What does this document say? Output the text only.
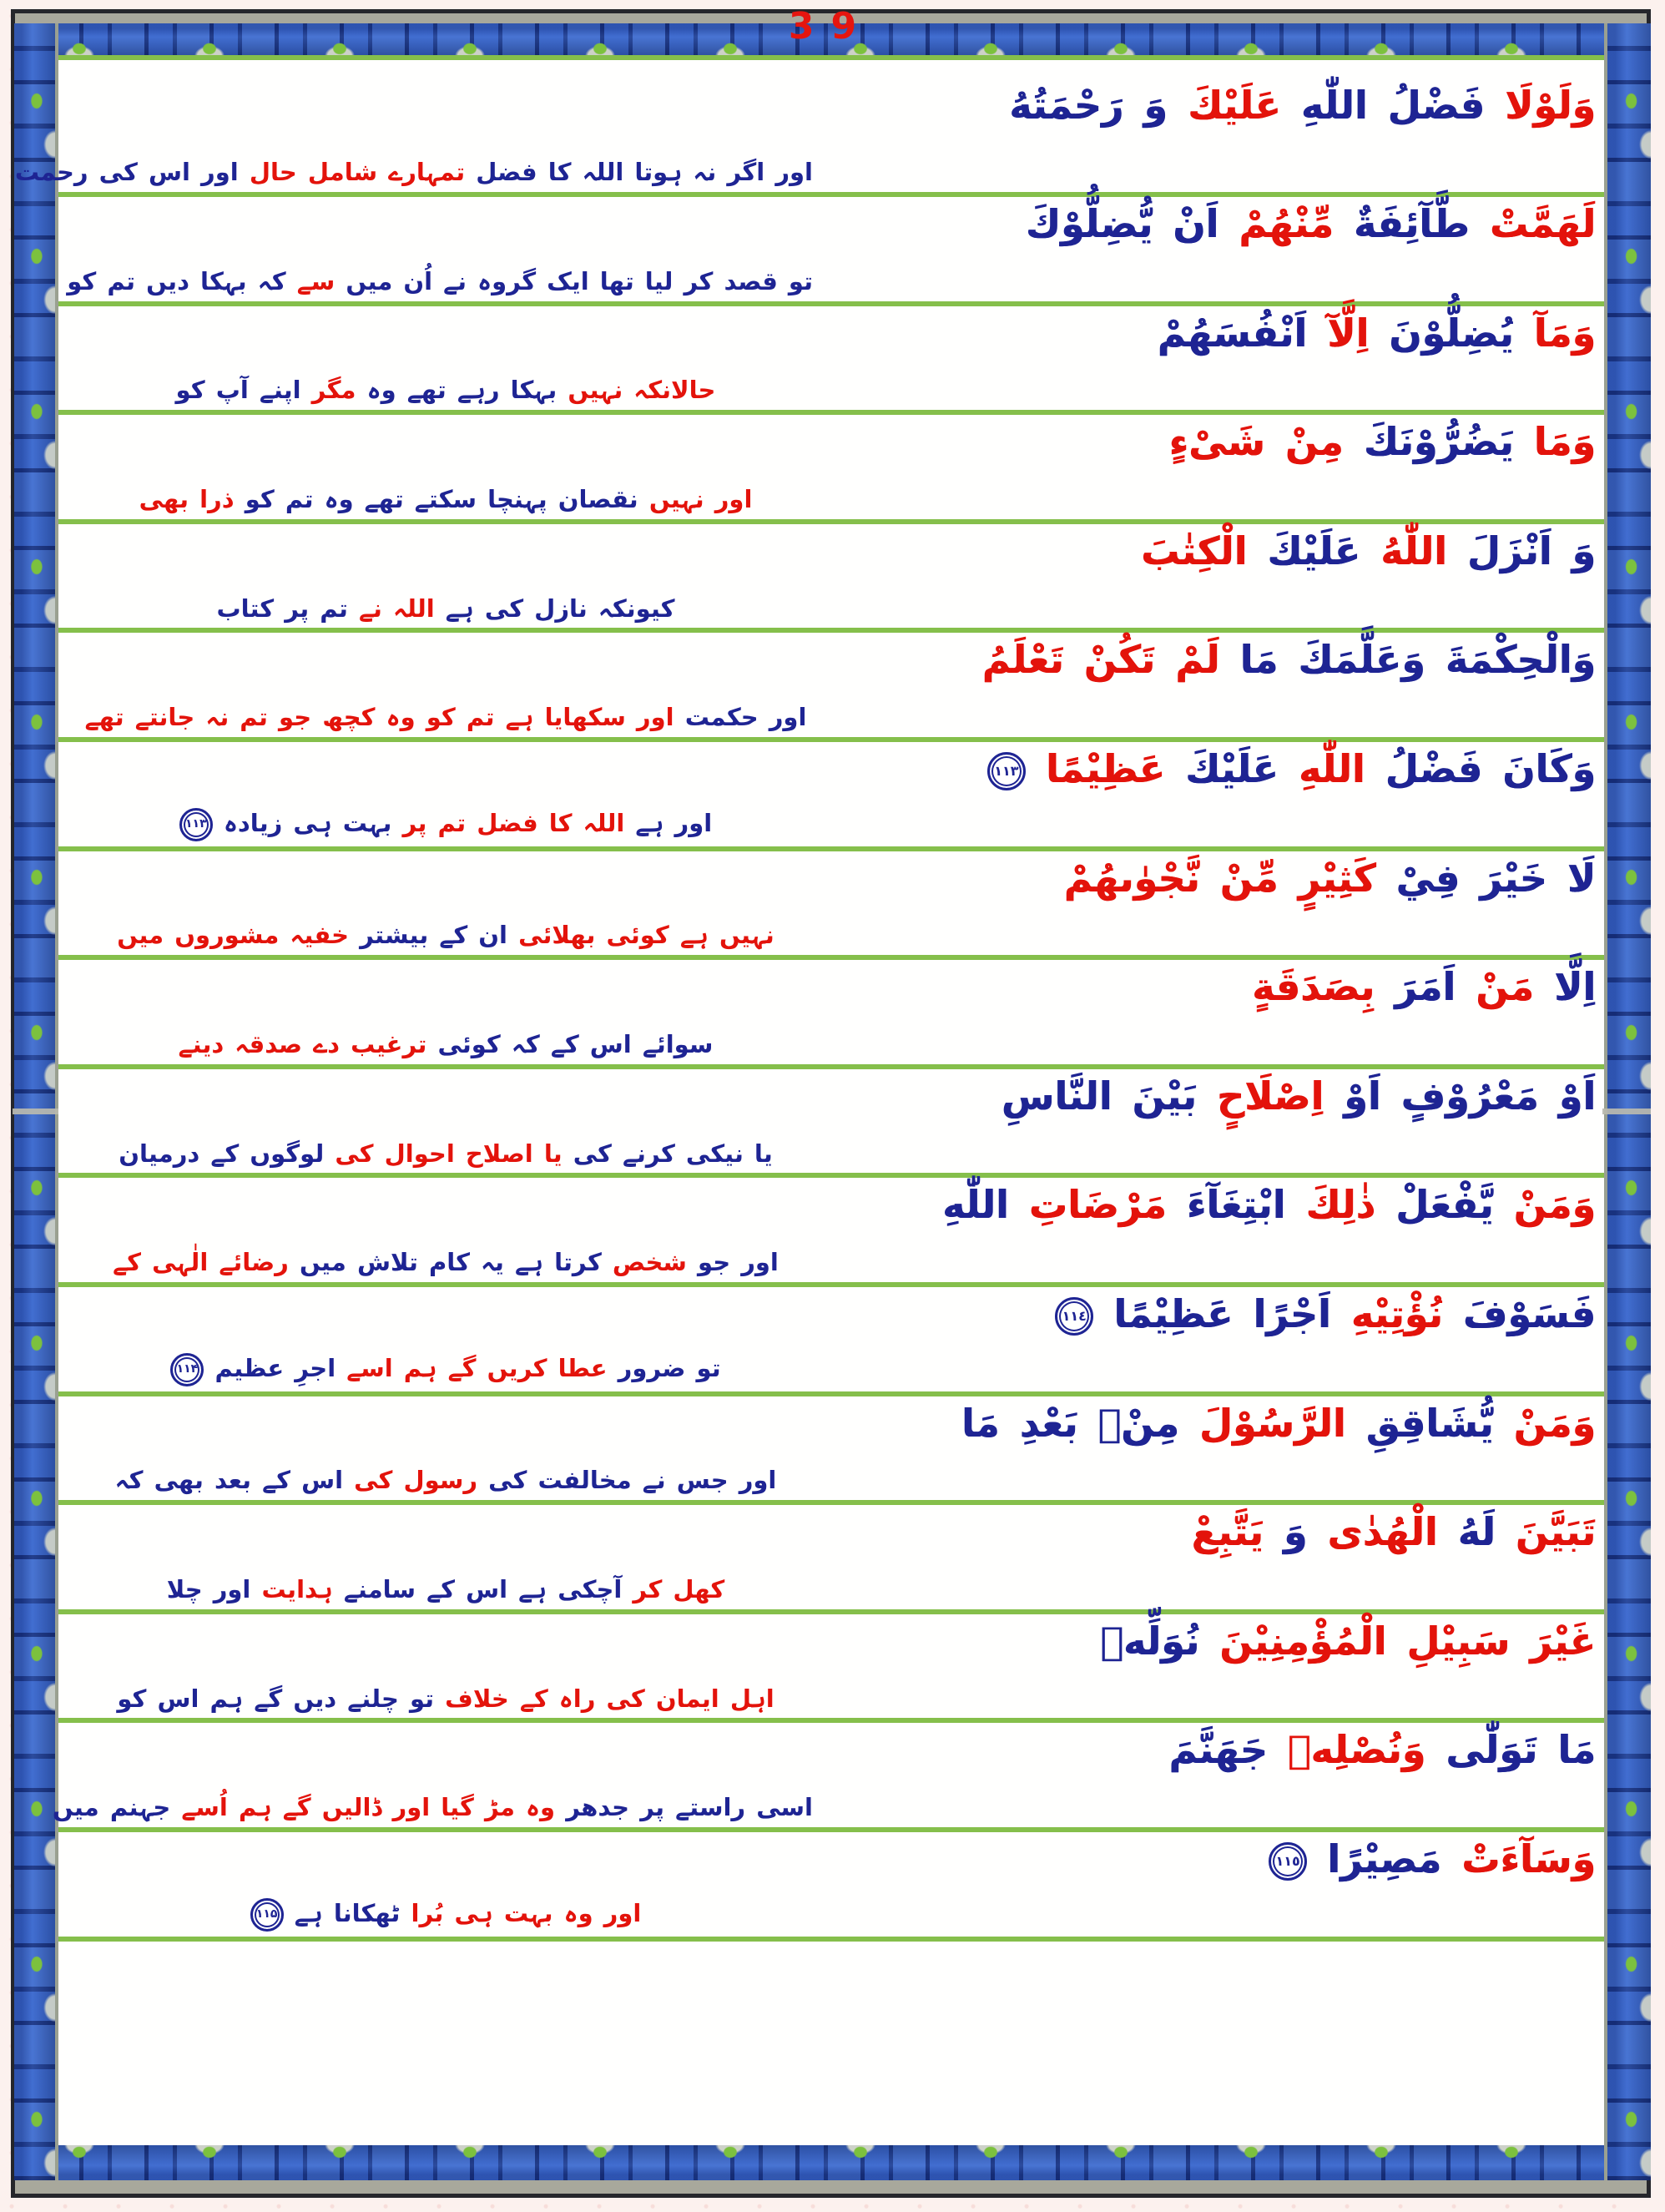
39
وَلَوْلَا فَضْلُ اللّٰهِ عَلَيْكَ وَ رَحْمَتُهُ
اور اگر نہ ہوتا اللہ کا فضل تمہارے شامل حال اور اس کی رحمت
لَهَمَّتْ طَّآئِفَةٌ مِّنْهُمْ اَنْ يُّضِلُّوْكَ
تو قصد کر لیا تھا ایک گروہ نے اُن میں سے کہ بہکا دیں تم کو
وَمَآ يُضِلُّوْنَ اِلَّآ اَنْفُسَهُمْ
حالانکہ نہیں بہکا رہے تھے وہ مگر اپنے آپ کو
وَمَا يَضُرُّوْنَكَ مِنْ شَیْءٍ
اور نہیں نقصان پہنچا سکتے تھے وہ تم کو ذرا بھی
وَ اَنْزَلَ اللّٰهُ عَلَيْكَ الْكِتٰبَ
کیونکہ نازل کی ہے اللہ نے تم پر کتاب
وَالْحِكْمَةَ وَعَلَّمَكَ مَا لَمْ تَكُنْ تَعْلَمُ
اور حکمت اور سکھایا ہے تم کو وہ کچھ جو تم نہ جانتے تھے
وَكَانَ فَضْلُ اللّٰهِ عَلَيْكَ عَظِيْمًا ١١٣
اور ہے اللہ کا فضل تم پر بہت ہی زیادہ ۱۱۳
لَا خَيْرَ فِيْ كَثِيْرٍ مِّنْ نَّجْوٰىهُمْ
نہیں ہے کوئی بھلائی ان کے بیشتر خفیہ مشوروں میں
اِلَّا مَنْ اَمَرَ بِصَدَقَةٍ
سوائے اس کے کہ کوئی ترغیب دے صدقہ دینے
اَوْ مَعْرُوْفٍ اَوْ اِصْلَاحٍ بَيْنَ النَّاسِ
یا نیکی کرنے کی یا اصلاح احوال کی لوگوں کے درمیان
وَمَنْ يَّفْعَلْ ذٰلِكَ ابْتِغَآءَ مَرْضَاتِ اللّٰهِ
اور جو شخص کرتا ہے یہ کام تلاش میں رضائے الٰہی کے
فَسَوْفَ نُؤْتِيْهِ اَجْرًا عَظِيْمًا ١١٤
تو ضرور عطا کریں گے ہم اسے اجرِ عظیم ۱۱۴
وَمَنْ يُّشَاقِقِ الرَّسُوْلَ مِنْۢ بَعْدِ مَا
اور جس نے مخالفت کی رسول کی اس کے بعد بھی کہ
تَبَيَّنَ لَهُ الْهُدٰى وَ يَتَّبِعْ
کھل کر آچکی ہے اس کے سامنے ہدایت اور چلا
غَيْرَ سَبِيْلِ الْمُؤْمِنِيْنَ نُوَلِّهٖ
اہل ایمان کی راہ کے خلاف تو چلنے دیں گے ہم اس کو
مَا تَوَلّٰى وَنُصْلِهٖ جَهَنَّمَ
اسی راستے پر جدھر وہ مڑ گیا اور ڈالیں گے ہم اُسے جہنم میں
وَسَآءَتْ مَصِيْرًا ١١٥
اور وہ بہت ہی بُرا ٹھکانا ہے ۱۱۵
